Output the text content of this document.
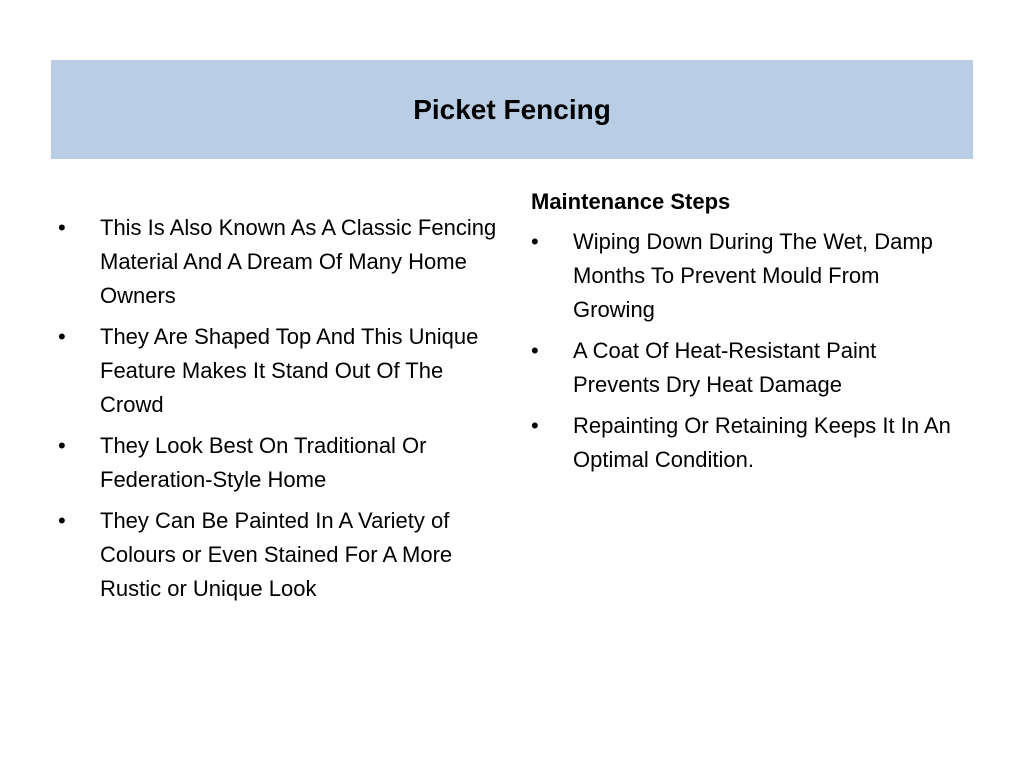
Picket Fencing
•	This Is Also Known As A Classic Fencing Material And A Dream Of Many Home Owners
•	They Are Shaped Top And This Unique Feature Makes It Stand Out Of The Crowd
•	They Look Best On Traditional Or Federation-Style Home
•	They Can Be Painted In A Variety of Colours or Even Stained For A More Rustic or Unique Look
Maintenance Steps
•	Wiping Down During The Wet, Damp Months To Prevent Mould From Growing
•	A Coat Of Heat-Resistant Paint Prevents Dry Heat Damage
•	Repainting Or Retaining Keeps It In An Optimal Condition.
